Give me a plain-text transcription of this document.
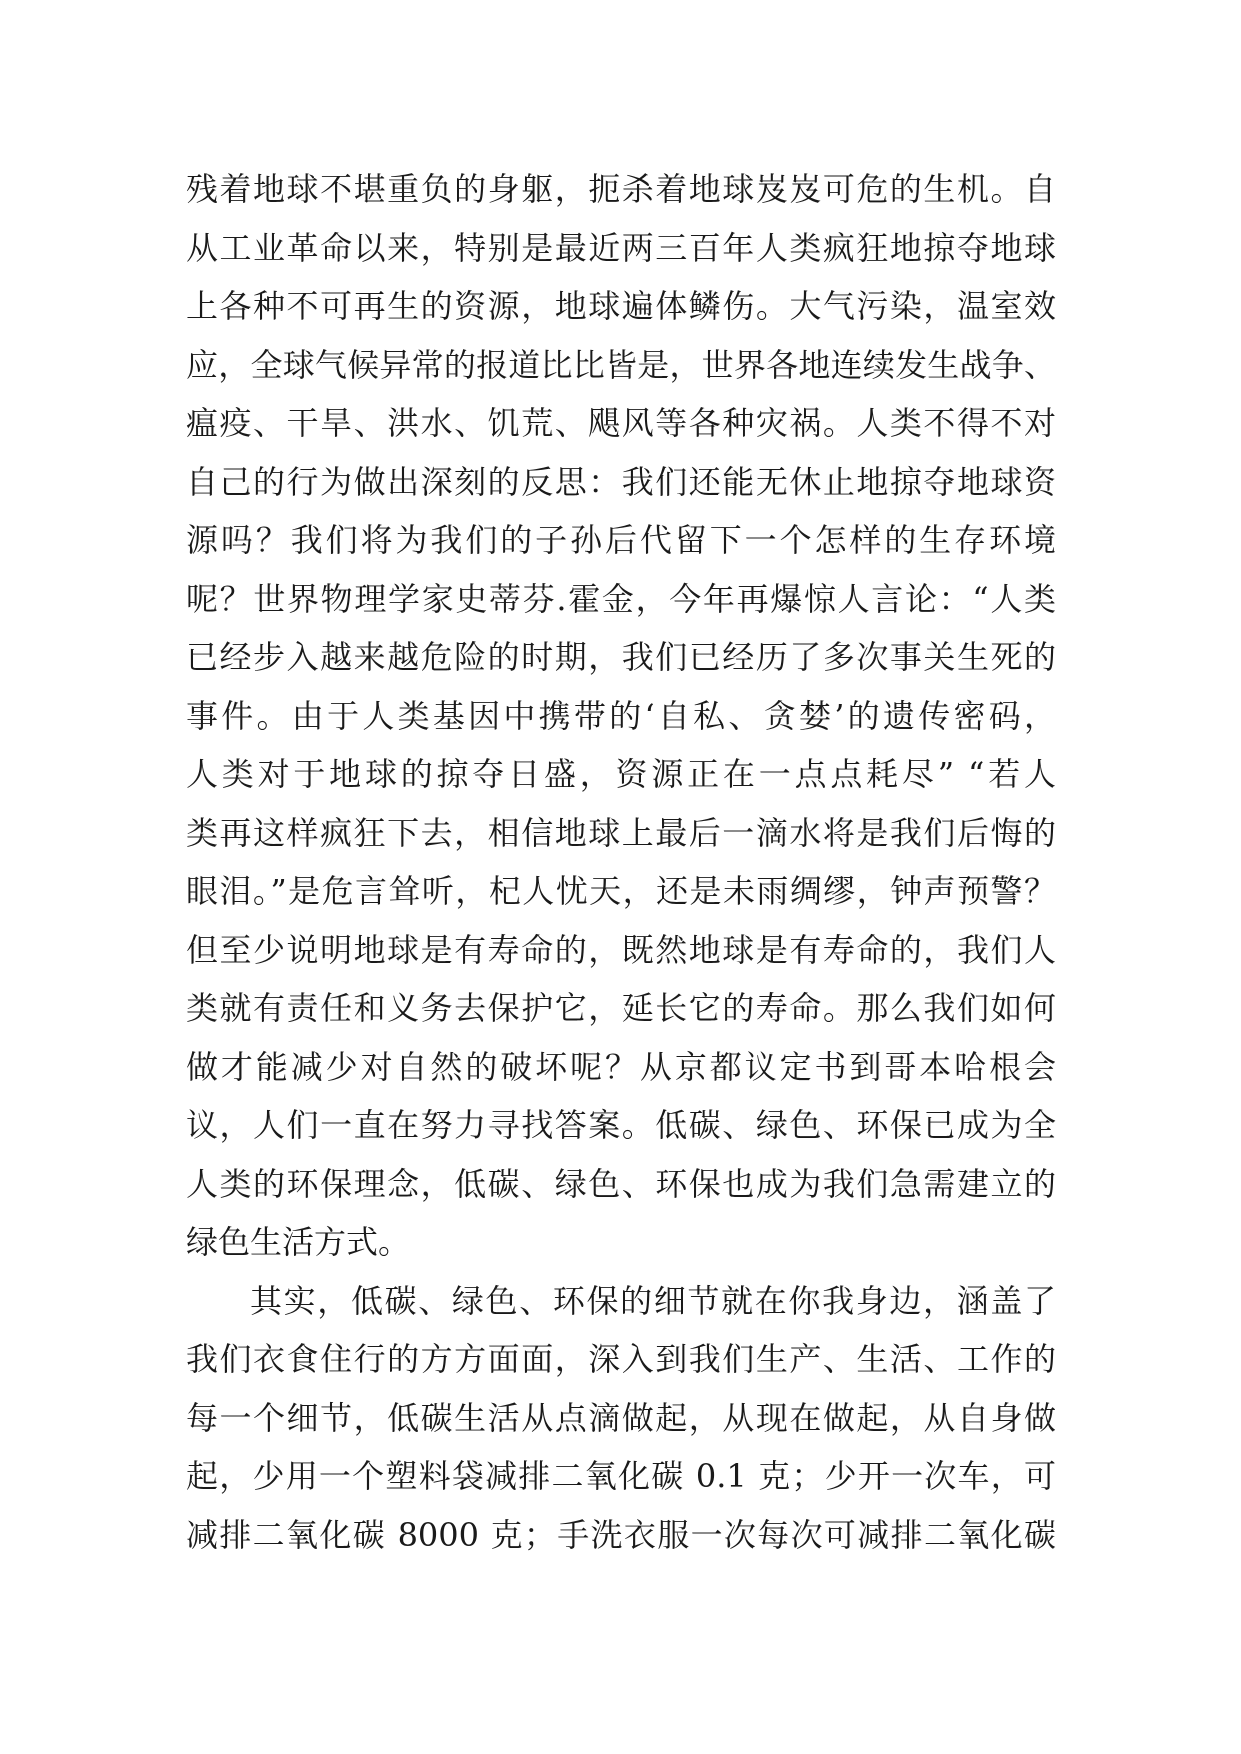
残着地球不堪重负的身躯，扼杀着地球岌岌可危的生机。自
从工业革命以来，特别是最近两三百年人类疯狂地掠夺地球
上各种不可再生的资源，地球遍体鳞伤。大气污染，温室效
应，全球气候异常的报道比比皆是，世界各地连续发生战争、
瘟疫、干旱、洪水、饥荒、飓风等各种灾祸。人类不得不对
自己的行为做出深刻的反思：我们还能无休止地掠夺地球资
源吗？我们将为我们的子孙后代留下一个怎样的生存环境
呢？世界物理学家史蒂芬.霍金，今年再爆惊人言论：“人类
已经步入越来越危险的时期，我们已经历了多次事关生死的
事件。由于人类基因中携带的‘自私、贪婪’的遗传密码，
人类对于地球的掠夺日盛，资源正在一点点耗尽” “若人
类再这样疯狂下去，相信地球上最后一滴水将是我们后悔的
眼泪。”是危言耸听，杞人忧天，还是未雨绸缪，钟声预警？
但至少说明地球是有寿命的，既然地球是有寿命的，我们人
类就有责任和义务去保护它，延长它的寿命。那么我们如何
做才能减少对自然的破坏呢？从京都议定书到哥本哈根会
议，人们一直在努力寻找答案。低碳、绿色、环保已成为全
人类的环保理念，低碳、绿色、环保也成为我们急需建立的
绿色生活方式。
其实，低碳、绿色、环保的细节就在你我身边，涵盖了
我们衣食住行的方方面面，深入到我们生产、生活、工作的
每一个细节，低碳生活从点滴做起，从现在做起，从自身做
起，少用一个塑料袋减排二氧化碳 0.1 克；少开一次车，可
减排二氧化碳 8000 克；手洗衣服一次每次可减排二氧化碳
